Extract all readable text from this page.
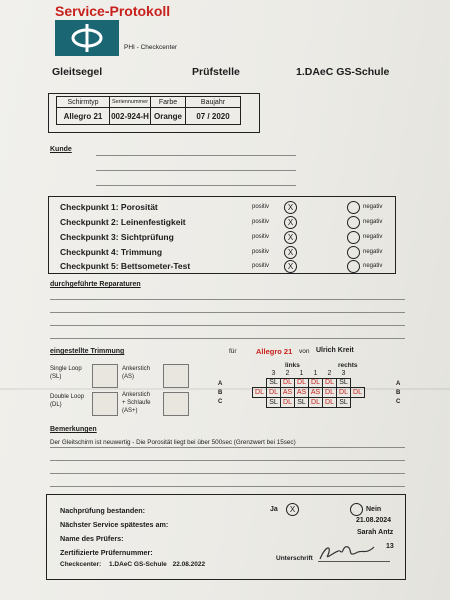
Service-Protokoll
PHI - Checkcenter
Gleitsegel	Prüfstelle	1.DAeC GS-Schule
Schirmtyp	Seriennummer	Farbe	Baujahr
Allegro 21	002-924-H	Orange	07 / 2020
Kunde
Checkpunkt 1: Porosität	positiv	X	negativ
Checkpunkt 2: Leinenfestigkeit	positiv	X	negativ
Checkpunkt 3: Sichtprüfung	positiv	X	negativ
Checkpunkt 4: Trimmung	positiv	X	negativ
Checkpunkt 5: Bettsometer-Test	positiv	X	negativ
durchgeführte Reparaturen
eingestellte Trimmung	für	Allegro 21 von Ulrich Kreit
Single Loop
(SL)
Ankerstich
(AS)
Double Loop
(DL)
Ankerstich
+ Schlaufe
(AS+)
A
B
C
A
B
C
links	rechts
	3	2	1	1	2	3	
	SL	DL	DL	DL	DL	SL	
DL	DL	AS	AS	AS	DL	DL	DL
	SL	DL	SL	DL	DL	SL	
Bemerkungen
Der Gleitschirm ist neuwertig - Die Porosität liegt bei über 500sec (Grenzwert bei 15sec)
Nachprüfung bestanden:	Ja	X	Nein
Nächster Service spätestes am:	21.08.2024
Name des Prüfers:
Sarah Antz
Zertifizierte Prüfernummer:
13
Checkcenter: 1.DAeC GS-Schule 22.08.2022
Unterschrift
